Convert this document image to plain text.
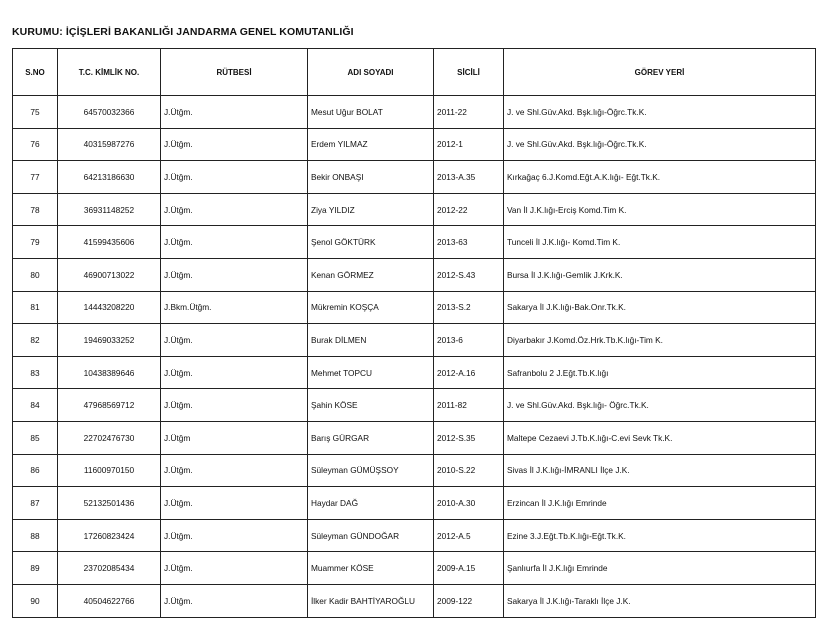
KURUMU: İÇİŞLERİ BAKANLIĞI JANDARMA GENEL KOMUTANLIĞI
S.NO	T.C. KİMLİK NO.	RÜTBESİ	ADI SOYADI	SİCİLİ	GÖREV YERİ
75	64570032366	J.Ütğm.	Mesut Uğur BOLAT	2011-22	J. ve Shl.Güv.Akd. Bşk.lığı-Öğrc.Tk.K.
76	40315987276	J.Ütğm.	Erdem YILMAZ	2012-1	J. ve Shl.Güv.Akd. Bşk.lığı-Öğrc.Tk.K.
77	64213186630	J.Ütğm.	Bekir ONBAŞI	2013-A.35	Kırkağaç 6.J.Komd.Eğt.A.K.lığı- Eğt.Tk.K.
78	36931148252	J.Ütğm.	Ziya YILDIZ	2012-22	Van İl J.K.lığı-Erciş Komd.Tim K.
79	41599435606	J.Ütğm.	Şenol GÖKTÜRK	2013-63	Tunceli İl J.K.lığı- Komd.Tim K.
80	46900713022	J.Ütğm.	Kenan GÖRMEZ	2012-S.43	Bursa İl J.K.lığı-Gemlik J.Krk.K.
81	14443208220	J.Bkm.Ütğm.	Mükremin KOŞÇA	2013-S.2	Sakarya İl J.K.lığı-Bak.Onr.Tk.K.
82	19469033252	J.Ütğm.	Burak DİLMEN	2013-6	Diyarbakır J.Komd.Öz.Hrk.Tb.K.lığı-Tim K.
83	10438389646	J.Ütğm.	Mehmet TOPCU	2012-A.16	Safranbolu 2 J.Eğt.Tb.K.lığı
84	47968569712	J.Ütğm.	Şahin KÖSE	2011-82	J. ve Shl.Güv.Akd. Bşk.lığı- Öğrc.Tk.K.
85	22702476730	J.Ütğm	Barış GÜRGAR	2012-S.35	Maltepe Cezaevi J.Tb.K.lığı-C.evi Sevk Tk.K.
86	11600970150	J.Ütğm.	Süleyman GÜMÜŞSOY	2010-S.22	Sivas İl J.K.lığı-İMRANLI İlçe J.K.
87	52132501436	J.Ütğm.	Haydar DAĞ	2010-A.30	Erzincan İl J.K.lığı Emrinde
88	17260823424	J.Ütğm.	Süleyman GÜNDOĞAR	2012-A.5	Ezine 3.J.Eğt.Tb.K.lığı-Eğt.Tk.K.
89	23702085434	J.Ütğm.	Muammer KÖSE	2009-A.15	Şanlıurfa İl J.K.lığı Emrinde
90	40504622766	J.Ütğm.	İlker Kadir BAHTİYAROĞLU	2009-122	Sakarya İl J.K.lığı-Taraklı İlçe J.K.
